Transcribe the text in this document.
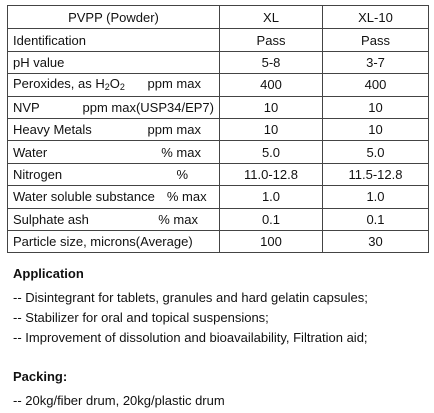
PVPP (Powder)	XL	XL-10
Identification	Pass	Pass
pH value	5-8	3-7

Peroxides, as $H_2O_2$ ppm max	400	400

NVP ppm max(USP34/EP7)	10	10

Heavy Metals ppm max	10	10

Water % max	5.0	5.0

Nitrogen %	11.0-12.8	11.5-12.8

Water soluble substance % max	1.0	1.0

Sulphate ash % max	0.1	0.1
Particle size, microns(Average)	100	30
Application
-- Disintegrant for tablets, granules and hard gelatin capsules;
-- Stabilizer for oral and topical suspensions;
-- Improvement of dissolution and bioavailability, Filtration aid;
Packing:
-- 20kg/fiber drum, 20kg/plastic drum
